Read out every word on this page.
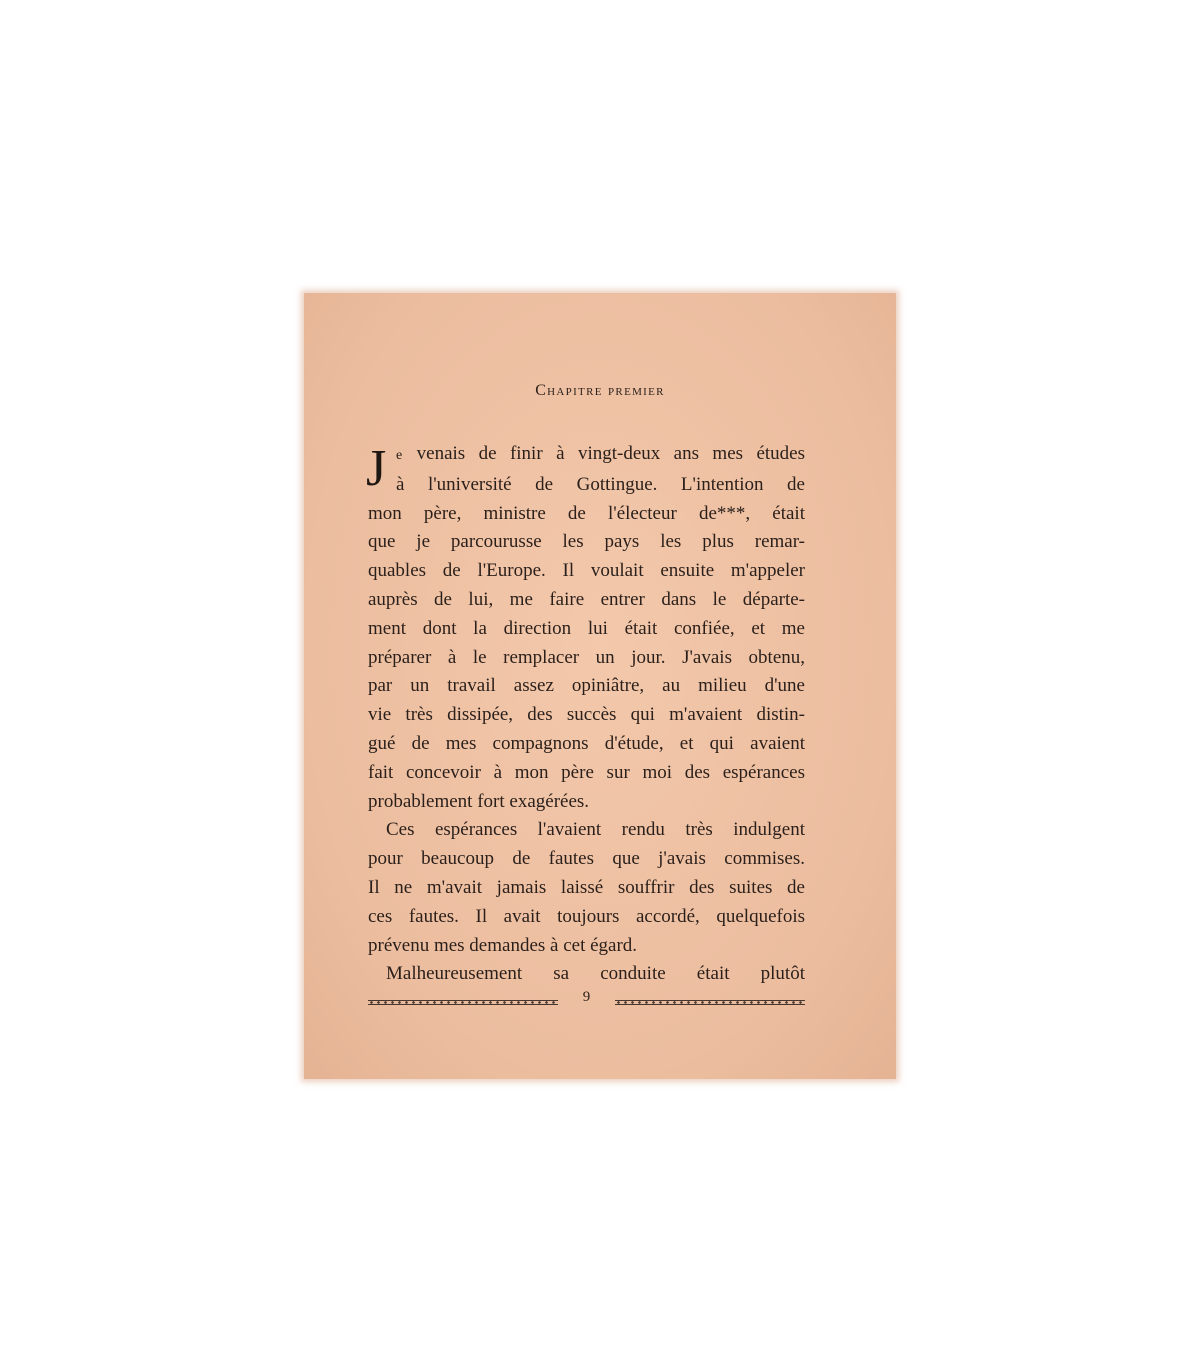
Chapitre premier
J e venais de finir à vingt-deux ans mes études
à l'université de Gottingue. L'intention de
mon père, ministre de l'électeur de***, était
que je parcourusse les pays les plus remar-
quables de l'Europe. Il voulait ensuite m'appeler
auprès de lui, me faire entrer dans le départe-
ment dont la direction lui était confiée, et me
préparer à le remplacer un jour. J'avais obtenu,
par un travail assez opiniâtre, au milieu d'une
vie très dissipée, des succès qui m'avaient distin-
gué de mes compagnons d'étude, et qui avaient
fait concevoir à mon père sur moi des espérances
probablement fort exagérées.
Ces espérances l'avaient rendu très indulgent
pour beaucoup de fautes que j'avais commises.
Il ne m'avait jamais laissé souffrir des suites de
ces fautes. Il avait toujours accordé, quelquefois
prévenu mes demandes à cet égard.
Malheureusement sa conduite était plutôt
9
